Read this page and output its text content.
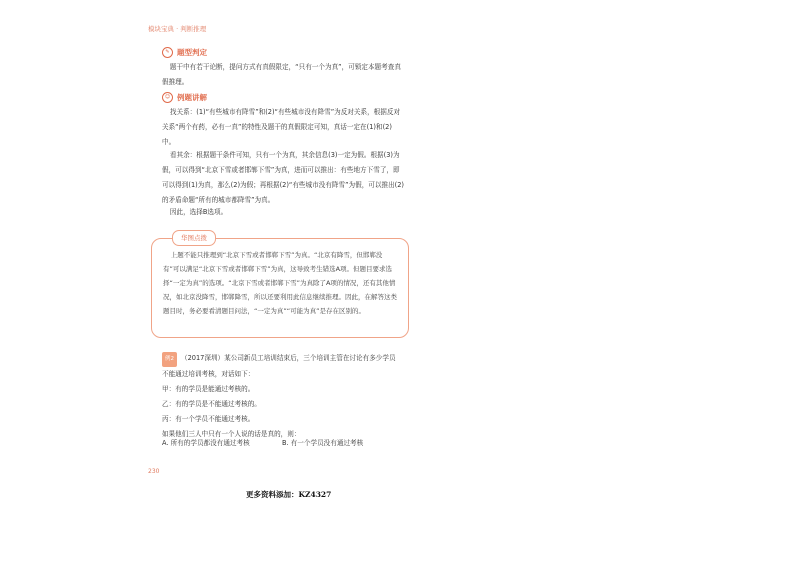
模块宝典 · 判断推理
✎ 题型判定
题干中有若干论断，提问方式有真假限定，“只有一个为真”，可锁定本题考查真假推理。
☺ 例题讲解
找关系：(1)“有些城市有降雪”和(2)“有些城市没有降雪”为反对关系，根据反对关系“两个有药，必有一真”的特性及题干的真假限定可知，真话一定在(1)和(2)中。
看其余：根据题干条件可知，只有一个为真，其余信息(3)一定为假。根据(3)为假，可以得到“北京下雪或者邯郸下雪”为真，进而可以推出：有些地方下雪了，即可以得到(1)为真，那么(2)为假；再根据(2)“有些城市没有降雪”为假，可以推出(2)的矛盾命题“所有的城市都降雪”为真。
因此，选择B选项。
华图点拨
上题不能只推理到“北京下雪或者邯郸下雪”为真。“北京有降雪，但邯郸没有”可以满足“北京下雪或者邯郸下雪”为真，这导致考生错选A项。但题目要求选择“一定为真”的选项。“北京下雪或者邯郸下雪”为真除了A项的情况，还有其他情况，如北京没降雪，邯郸降雪，所以还要利用此信息继续推理。因此，在解答这类题目时，务必要看清题目问法，“一定为真”“可能为真”是存在区别的。
例2 （2017深圳）某公司新员工培训结束后，三个培训主管在讨论有多少学员不能通过培训考核，对话如下：
甲：有的学员是能通过考核的。
乙：有的学员是不能通过考核的。
丙：有一个学员不能通过考核。
如果他们三人中只有一个人说的话是真的，则：
A. 所有的学员都没有通过考核	B. 有一个学员没有通过考核
230
更多资料添加：KZ4327
